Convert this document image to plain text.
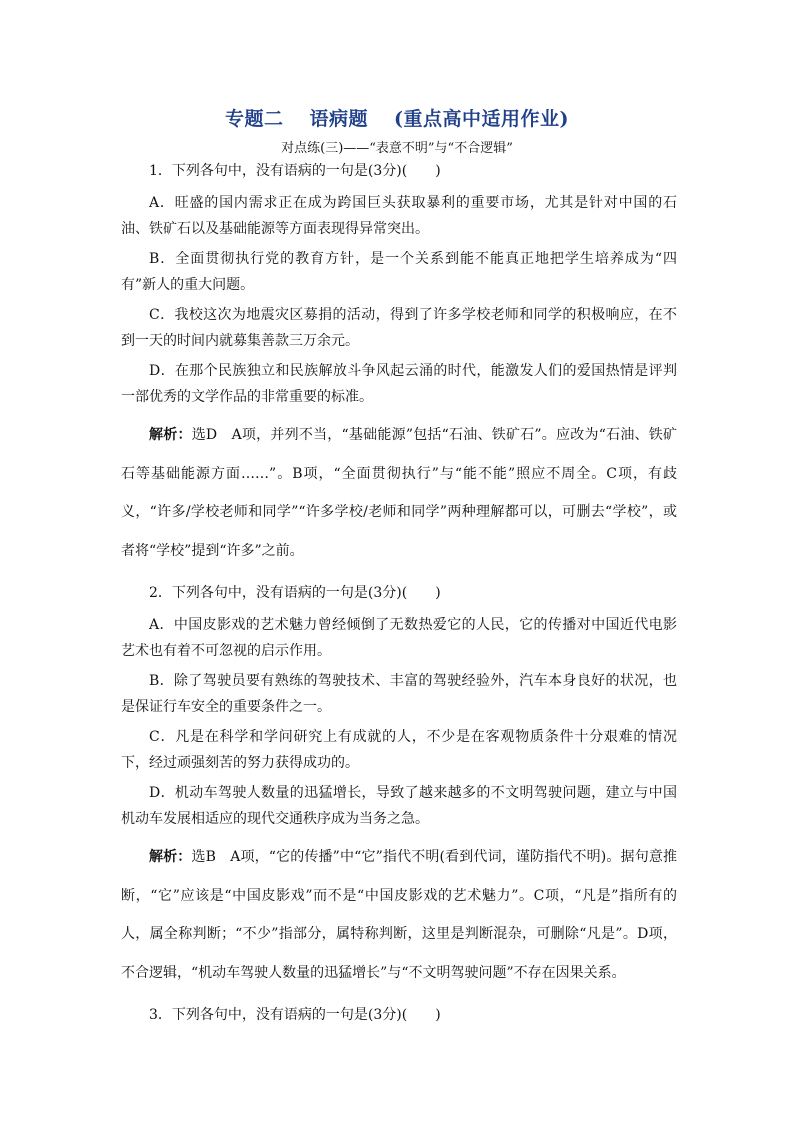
专题二 语病题 (重点高中适用作业)
对点练(三)——“表意不明”与“不合逻辑”

1．下列各句中，没有语病的一句是(3分)(　　)

A．旺盛的国内需求正在成为跨国巨头获取暴利的重要市场，尤其是针对中国的石油、铁矿石以及基础能源等方面表现得异常突出。

B．全面贯彻执行党的教育方针，是一个关系到能不能真正地把学生培养成为“四有”新人的重大问题。

C．我校这次为地震灾区募捐的活动，得到了许多学校老师和同学的积极响应，在不到一天的时间内就募集善款三万余元。

D．在那个民族独立和民族解放斗争风起云涌的时代，能激发人们的爱国热情是评判一部优秀的文学作品的非常重要的标准。

解析：选D　A项，并列不当，“基础能源”包括“石油、铁矿石”。应改为“石油、铁矿石等基础能源方面……”。B项，“全面贯彻执行”与“能不能”照应不周全。C项，有歧义，“许多/学校老师和同学”“许多学校/老师和同学”两种理解都可以，可删去“学校”，或者将“学校”提到“许多”之前。

2．下列各句中，没有语病的一句是(3分)(　　)

A．中国皮影戏的艺术魅力曾经倾倒了无数热爱它的人民，它的传播对中国近代电影艺术也有着不可忽视的启示作用。

B．除了驾驶员要有熟练的驾驶技术、丰富的驾驶经验外，汽车本身良好的状况，也是保证行车安全的重要条件之一。

C．凡是在科学和学问研究上有成就的人，不少是在客观物质条件十分艰难的情况下，经过顽强刻苦的努力获得成功的。

D．机动车驾驶人数量的迅猛增长，导致了越来越多的不文明驾驶问题，建立与中国机动车发展相适应的现代交通秩序成为当务之急。

解析：选B　A项，“它的传播”中“它”指代不明(看到代词，谨防指代不明)。据句意推断，“它”应该是“中国皮影戏”而不是“中国皮影戏的艺术魅力”。C项，“凡是”指所有的人，属全称判断；“不少”指部分，属特称判断，这里是判断混杂，可删除“凡是”。D项，不合逻辑，“机动车驾驶人数量的迅猛增长”与“不文明驾驶问题”不存在因果关系。

3．下列各句中，没有语病的一句是(3分)(　　)
